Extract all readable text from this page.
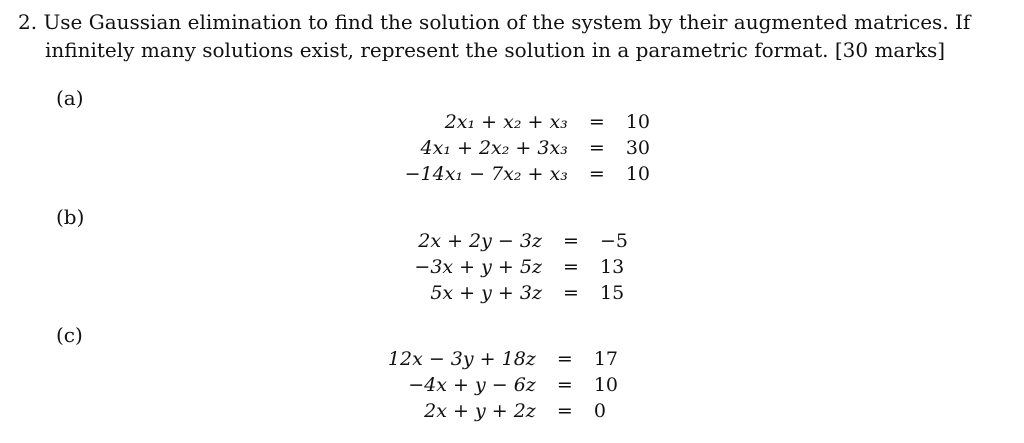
2. Use Gaussian elimination to find the solution of the system by their augmented matrices. If
infinitely many solutions exist, represent the solution in a parametric format. [30 marks]
(a)
2x₁ + x₂ + x₃	=	10
4x₁ + 2x₂ + 3x₃	=	30
−14x₁ − 7x₂ + x₃	=	10
(b)
2x + 2y − 3z	=	−5
−3x + y + 5z	=	13
5x + y + 3z	=	15
(c)
12x − 3y + 18z	=	17
−4x + y − 6z	=	10
2x + y + 2z	=	0
